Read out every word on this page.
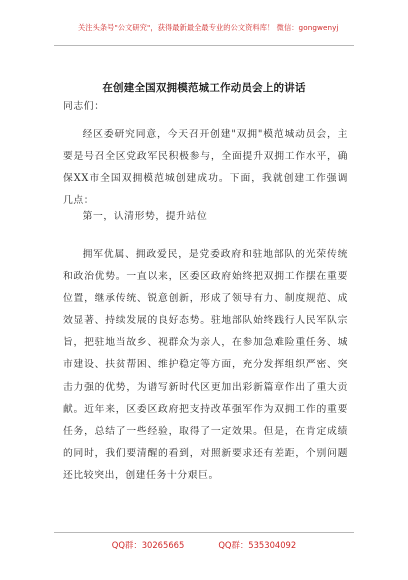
关注头条号"公文研究"，获得最新最全最专业的公文资料库！ 微信：gongwenyj
在创建全国双拥模范城工作动员会上的讲话
同志们：
经区委研究同意，今天召开创建"双拥"模范城动员会，主要是号召全区党政军民积极参与，全面提升双拥工作水平，确保XX市全国双拥模范城创建成功。下面，我就创建工作强调几点：
第一，认清形势，提升站位
拥军优属、拥政爱民，是党委政府和驻地部队的光荣传统和政治优势。一直以来，区委区政府始终把双拥工作摆在重要位置，继承传统、锐意创新，形成了领导有力、制度规范、成效显著、持续发展的良好态势。驻地部队始终践行人民军队宗旨，把驻地当故乡、视群众为亲人，在参加急难险重任务、城市建设、扶贫帮困、维护稳定等方面，充分发挥组织严密、突击力强的优势，为谱写新时代区更加出彩新篇章作出了重大贡献。近年来，区委区政府把支持改革强军作为双拥工作的重要任务，总结了一些经验，取得了一定效果。但是，在肯定成绩的同时，我们要清醒的看到，对照新要求还有差距，个别问题还比较突出，创建任务十分艰巨。
QQ群：30265665	QQ群：535304092
